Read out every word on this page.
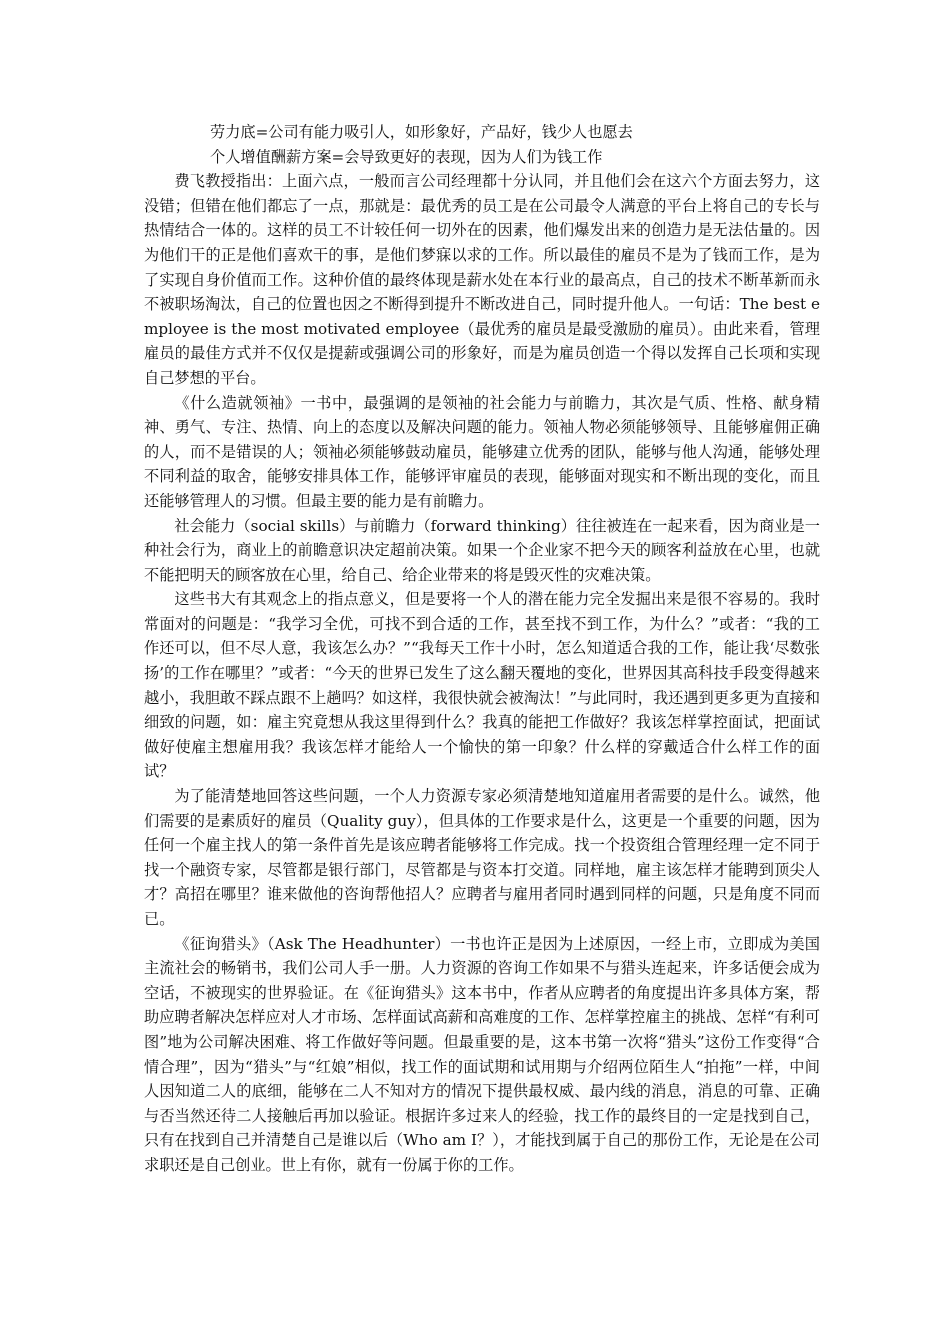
劳力底=公司有能力吸引人，如形象好，产品好，钱少人也愿去

个人增值酬薪方案=会导致更好的表现，因为人们为钱工作

费飞教授指出：上面六点，一般而言公司经理都十分认同，并且他们会在这六个方面去努力，这没错；但错在他们都忘了一点，那就是：最优秀的员工是在公司最令人满意的平台上将自己的专长与热情结合一体的。这样的员工不计较任何一切外在的因素，他们爆发出来的创造力是无法估量的。因为他们干的正是他们喜欢干的事，是他们梦寐以求的工作。所以最佳的雇员不是为了钱而工作，是为了实现自身价值而工作。这种价值的最终体现是薪水处在本行业的最高点，自己的技术不断革新而永不被职场淘汰，自己的位置也因之不断得到提升不断改进自己，同时提升他人。一句话：The best employee is the most motivated employee（最优秀的雇员是最受激励的雇员）。由此来看，管理雇员的最佳方式并不仅仅是提薪或强调公司的形象好，而是为雇员创造一个得以发挥自己长项和实现自己梦想的平台。

《什么造就领袖》一书中，最强调的是领袖的社会能力与前瞻力，其次是气质、性格、献身精神、勇气、专注、热情、向上的态度以及解决问题的能力。领袖人物必须能够领导、且能够雇佣正确的人，而不是错误的人；领袖必须能够鼓动雇员，能够建立优秀的团队，能够与他人沟通，能够处理不同利益的取舍，能够安排具体工作，能够评审雇员的表现，能够面对现实和不断出现的变化，而且还能够管理人的习惯。但最主要的能力是有前瞻力。

社会能力（social skills）与前瞻力（forward thinking）往往被连在一起来看，因为商业是一种社会行为，商业上的前瞻意识决定超前决策。如果一个企业家不把今天的顾客利益放在心里，也就不能把明天的顾客放在心里，给自己、给企业带来的将是毁灭性的灾难决策。

这些书大有其观念上的指点意义，但是要将一个人的潜在能力完全发掘出来是很不容易的。我时常面对的问题是：“我学习全优，可找不到合适的工作，甚至找不到工作，为什么？”或者：“我的工作还可以，但不尽人意，我该怎么办？”“我每天工作十小时，怎么知道适合我的工作，能让我‘尽数张扬’的工作在哪里？”或者：“今天的世界已发生了这么翻天覆地的变化，世界因其高科技手段变得越来越小，我胆敢不踩点跟不上趟吗？如这样，我很快就会被淘汰！”与此同时，我还遇到更多更为直接和细致的问题，如：雇主究竟想从我这里得到什么？我真的能把工作做好？我该怎样掌控面试，把面试做好使雇主想雇用我？我该怎样才能给人一个愉快的第一印象？什么样的穿戴适合什么样工作的面试？

为了能清楚地回答这些问题，一个人力资源专家必须清楚地知道雇用者需要的是什么。诚然，他们需要的是素质好的雇员（Quality guy），但具体的工作要求是什么，这更是一个重要的问题，因为任何一个雇主找人的第一条件首先是该应聘者能够将工作完成。找一个投资组合管理经理一定不同于找一个融资专家，尽管都是银行部门，尽管都是与资本打交道。同样地，雇主该怎样才能聘到顶尖人才？高招在哪里？谁来做他的咨询帮他招人？应聘者与雇用者同时遇到同样的问题，只是角度不同而已。

《征询猎头》（Ask The Headhunter）一书也许正是因为上述原因，一经上市，立即成为美国主流社会的畅销书，我们公司人手一册。人力资源的咨询工作如果不与猎头连起来，许多话便会成为空话，不被现实的世界验证。在《征询猎头》这本书中，作者从应聘者的角度提出许多具体方案，帮助应聘者解决怎样应对人才市场、怎样面试高薪和高难度的工作、怎样掌控雇主的挑战、怎样“有利可图”地为公司解决困难、将工作做好等问题。但最重要的是，这本书第一次将“猎头”这份工作变得“合情合理”，因为“猎头”与“红娘”相似，找工作的面试期和试用期与介绍两位陌生人“拍拖”一样，中间人因知道二人的底细，能够在二人不知对方的情况下提供最权威、最内线的消息，消息的可靠、正确与否当然还待二人接触后再加以验证。根据许多过来人的经验，找工作的最终目的一定是找到自己，只有在找到自己并清楚自己是谁以后（Who am I？），才能找到属于自己的那份工作，无论是在公司求职还是自己创业。世上有你，就有一份属于你的工作。
